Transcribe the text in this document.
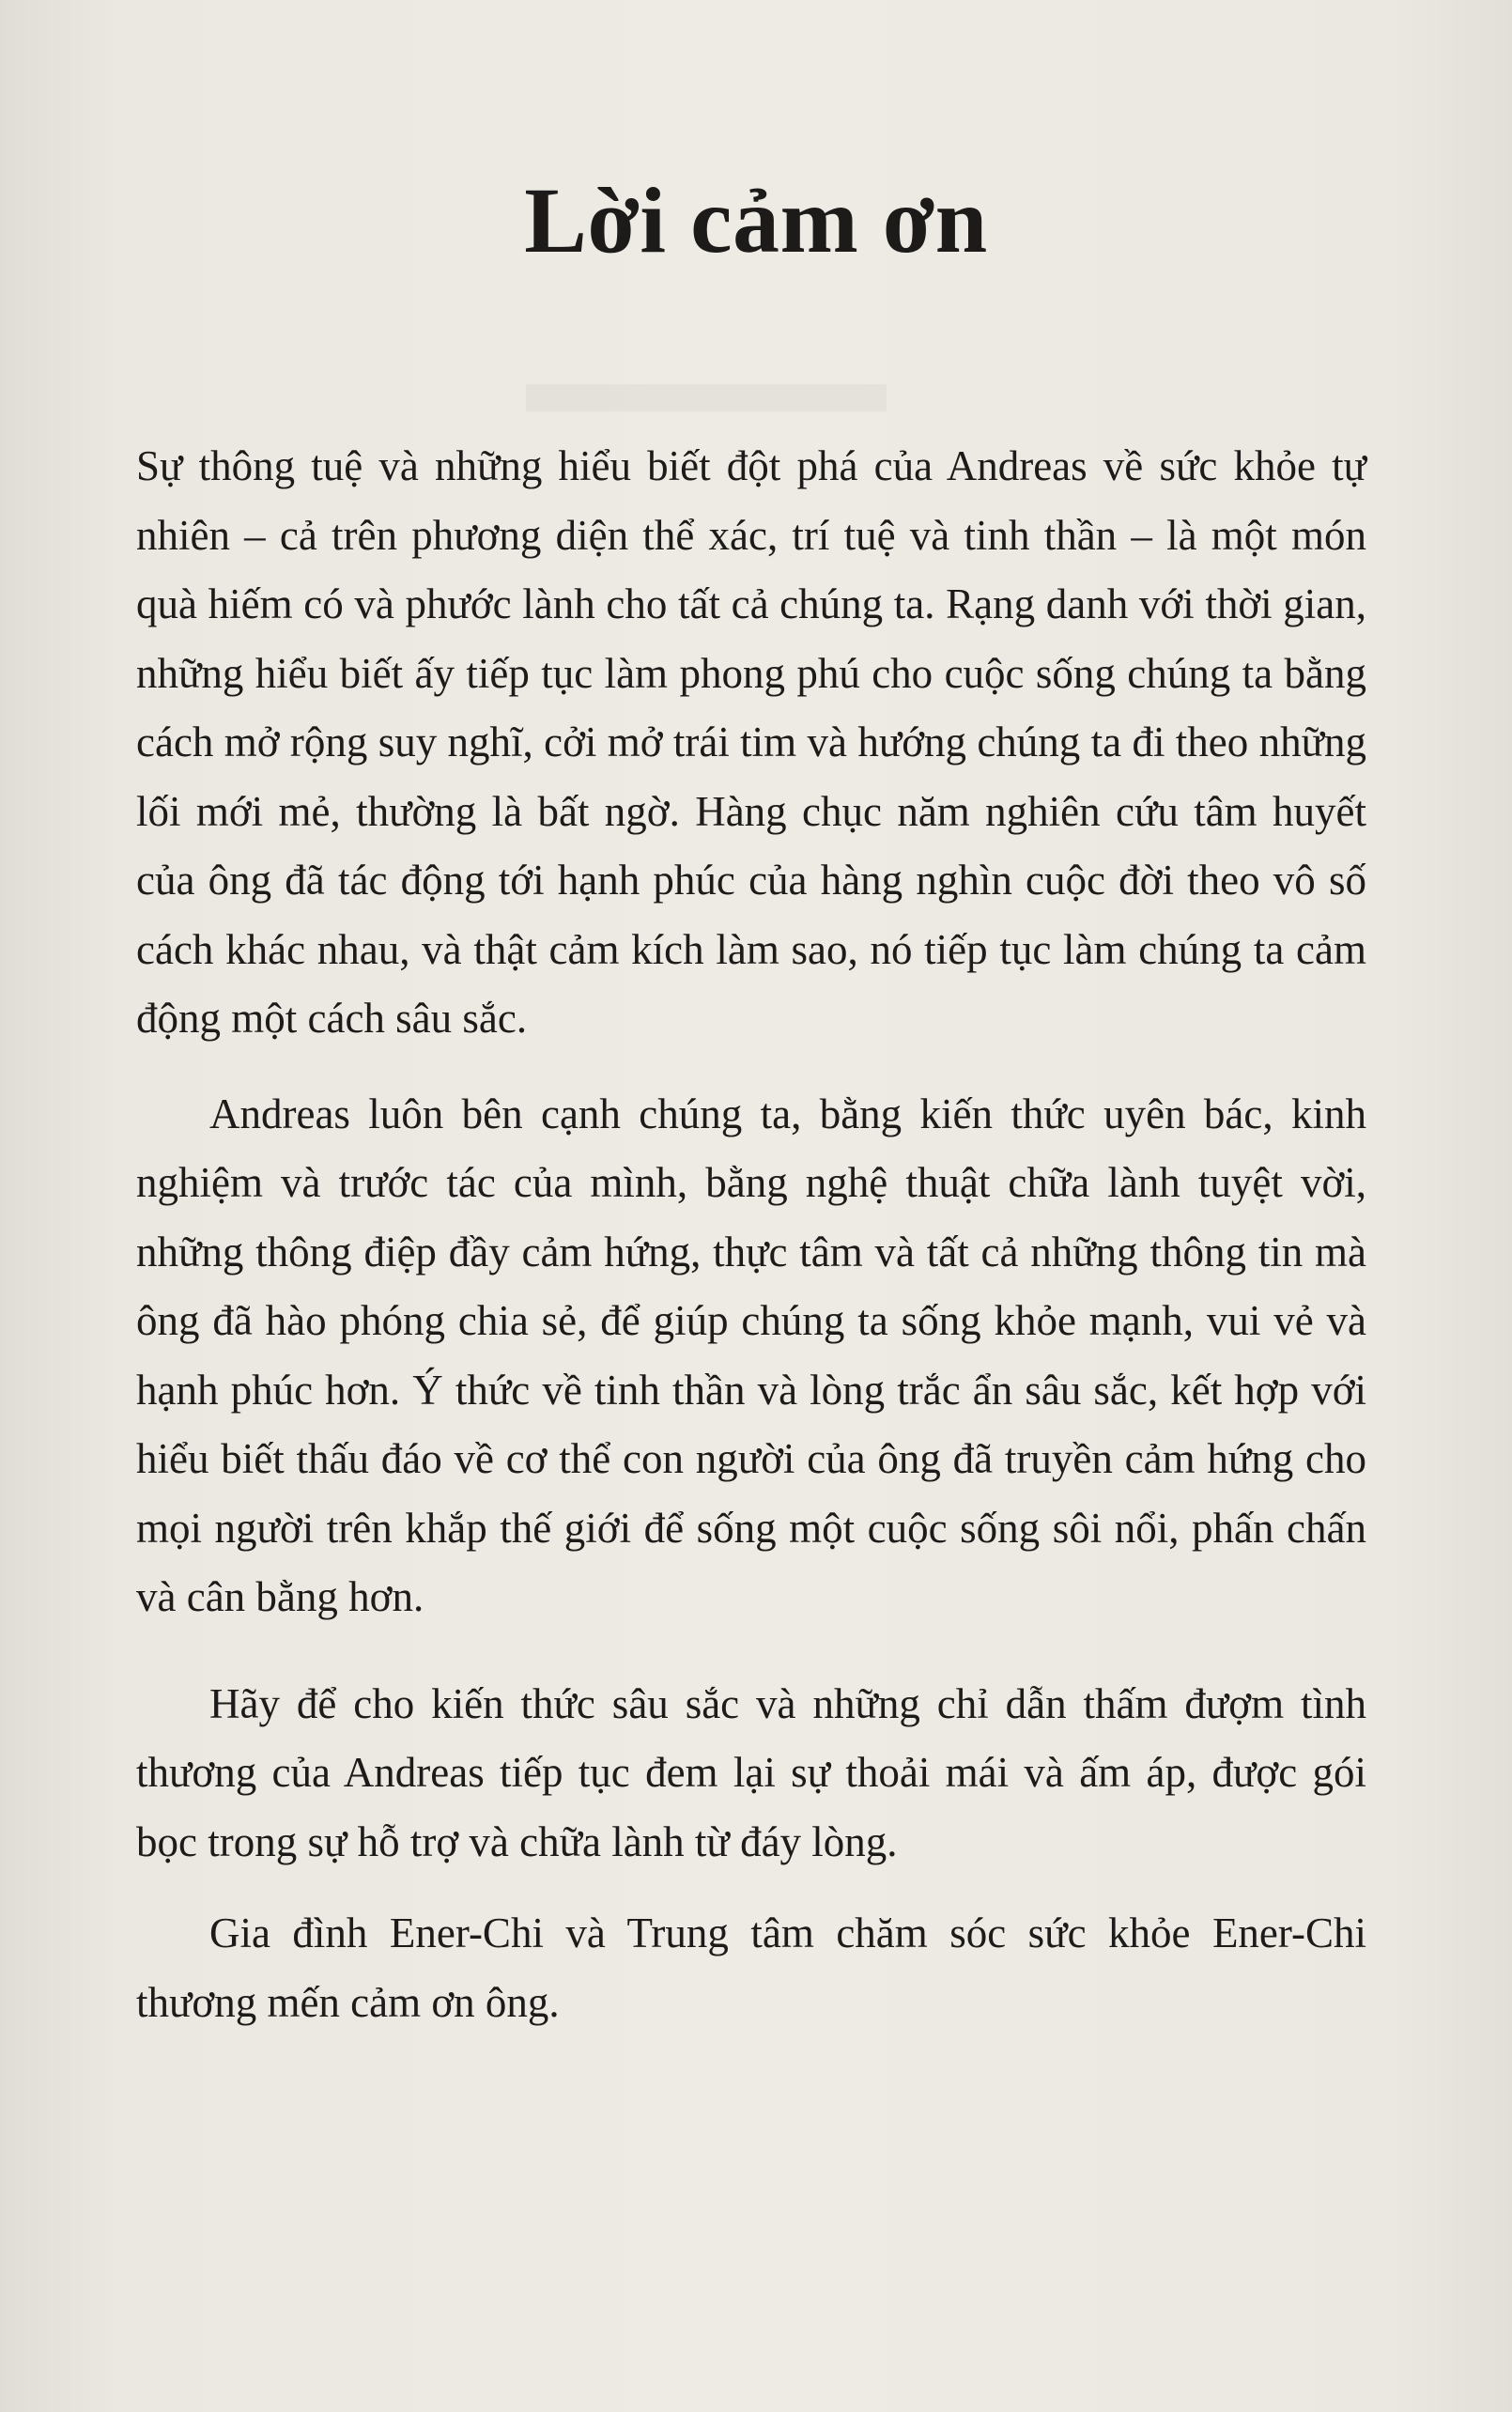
Lời cảm ơn

Sự thông tuệ và những hiểu biết đột phá của Andreas về sức khỏe tự nhiên – cả trên phương diện thể xác, trí tuệ và tinh thần – là một món quà hiếm có và phước lành cho tất cả chúng ta. Rạng danh với thời gian, những hiểu biết ấy tiếp tục làm phong phú cho cuộc sống chúng ta bằng cách mở rộng suy nghĩ, cởi mở trái tim và hướng chúng ta đi theo những lối mới mẻ, thường là bất ngờ. Hàng chục năm nghiên cứu tâm huyết của ông đã tác động tới hạnh phúc của hàng nghìn cuộc đời theo vô số cách khác nhau, và thật cảm kích làm sao, nó tiếp tục làm chúng ta cảm động một cách sâu sắc.

Andreas luôn bên cạnh chúng ta, bằng kiến thức uyên bác, kinh nghiệm và trước tác của mình, bằng nghệ thuật chữa lành tuyệt vời, những thông điệp đầy cảm hứng, thực tâm và tất cả những thông tin mà ông đã hào phóng chia sẻ, để giúp chúng ta sống khỏe mạnh, vui vẻ và hạnh phúc hơn. Ý thức về tinh thần và lòng trắc ẩn sâu sắc, kết hợp với hiểu biết thấu đáo về cơ thể con người của ông đã truyền cảm hứng cho mọi người trên khắp thế giới để sống một cuộc sống sôi nổi, phấn chấn và cân bằng hơn.

Hãy để cho kiến thức sâu sắc và những chỉ dẫn thấm đượm tình thương của Andreas tiếp tục đem lại sự thoải mái và ấm áp, được gói bọc trong sự hỗ trợ và chữa lành từ đáy lòng.

Gia đình Ener-Chi và Trung tâm chăm sóc sức khỏe Ener-Chi thương mến cảm ơn ông.
